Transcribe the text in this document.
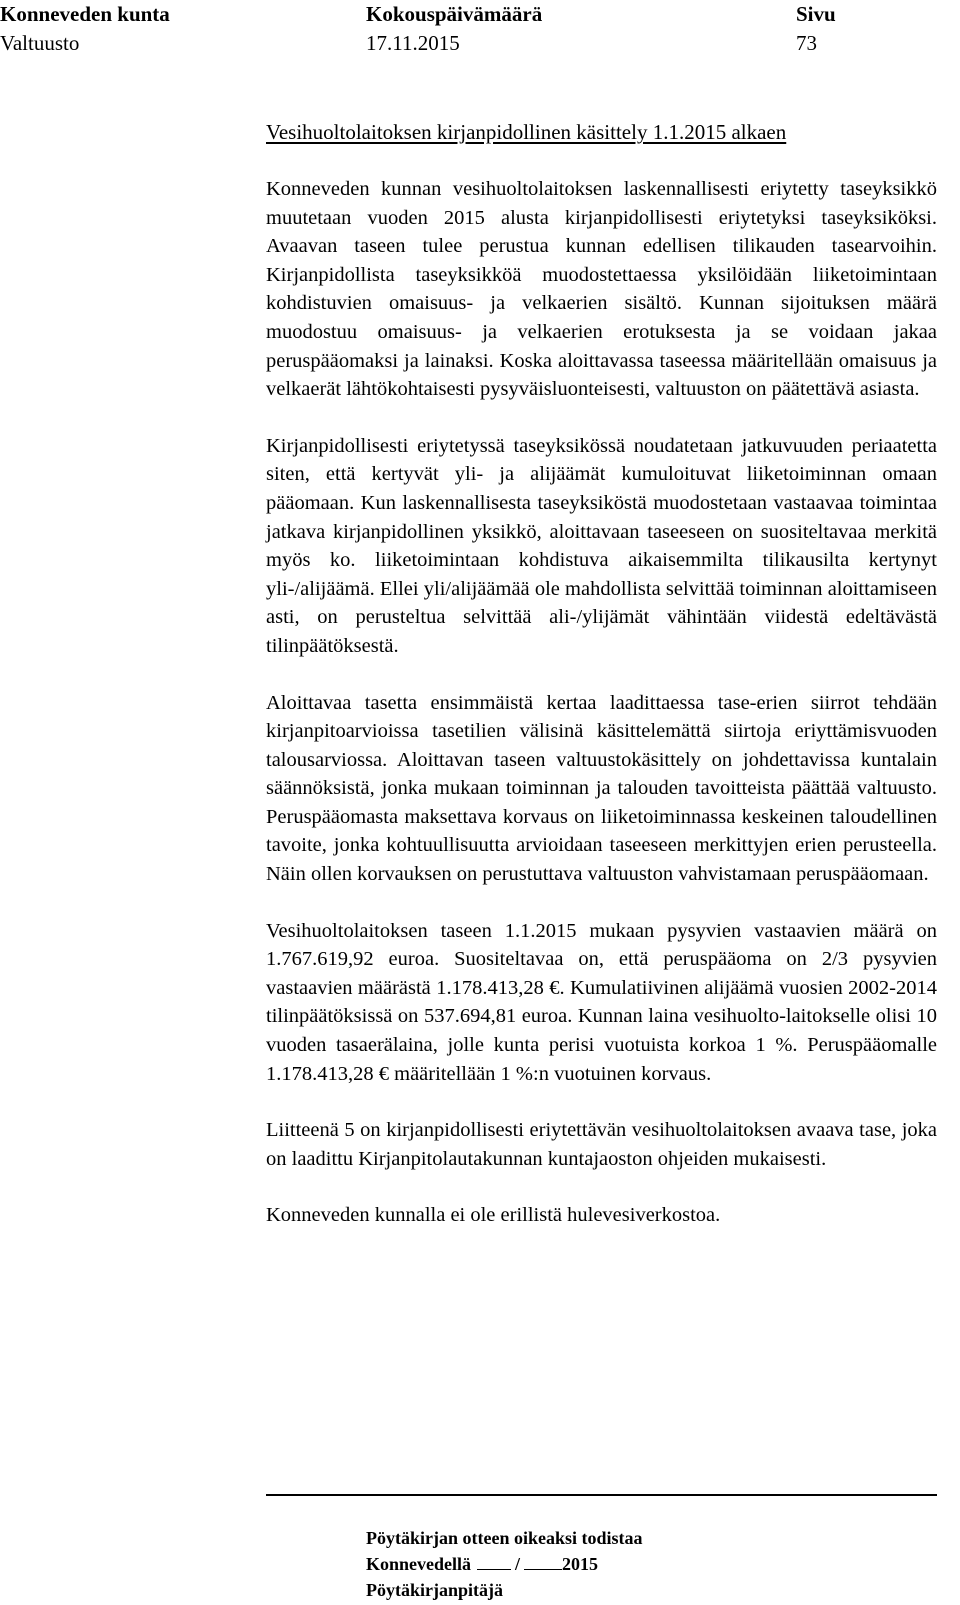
Konneveden kunta
Valtuusto
Kokouspäivämäärä
17.11.2015
Sivu
73
Vesihuoltolaitoksen kirjanpidollinen käsittely 1.1.2015 alkaen

Konneveden kunnan vesihuoltolaitoksen laskennallisesti eriytetty taseyksikkö muutetaan vuoden 2015 alusta kirjanpidollisesti eriytetyksi taseyksiköksi. Avaavan taseen tulee perustua kunnan edellisen tilikauden tasearvoihin. Kirjanpidollista taseyksikköä muodostettaessa yksilöidään liiketoimintaan kohdistuvien omaisuus- ja velkaerien sisältö. Kunnan sijoituksen määrä muodostuu omaisuus- ja velkaerien erotuksesta ja se voidaan jakaa peruspääomaksi ja lainaksi. Koska aloittavassa taseessa määritellään omaisuus ja velkaerät lähtökohtaisesti pysyväisluonteisesti, valtuuston on päätettävä asiasta.

Kirjanpidollisesti eriytetyssä taseyksikössä noudatetaan jatkuvuuden periaatetta siten, että kertyvät yli- ja alijäämät kumuloituvat liiketoiminnan omaan pääomaan. Kun laskennallisesta taseyksiköstä muodostetaan vastaavaa toimintaa jatkava kirjanpidollinen yksikkö, aloittavaan taseeseen on suositeltavaa merkitä myös ko. liiketoimintaan kohdistuva aikaisemmilta tilikausilta kertynyt yli-/alijäämä. Ellei yli/alijäämää ole mahdollista selvittää toiminnan aloittamiseen asti, on perusteltua selvittää ali-/ylijämät vähintään viidestä edeltävästä tilinpäätöksestä.

Aloittavaa tasetta ensimmäistä kertaa laadittaessa tase-erien siirrot tehdään kirjanpitoarvioissa tasetilien välisinä käsittelemättä siirtoja eriyttämisvuoden talousarviossa. Aloittavan taseen valtuustokäsittely on johdettavissa kuntalain säännöksistä, jonka mukaan toiminnan ja talouden tavoitteista päättää valtuusto. Peruspääomasta maksettava korvaus on liiketoiminnassa keskeinen taloudellinen tavoite, jonka kohtuullisuutta arvioidaan taseeseen merkittyjen erien perusteella. Näin ollen korvauksen on perustuttava valtuuston vahvistamaan peruspääomaan.

Vesihuoltolaitoksen taseen 1.1.2015 mukaan pysyvien vastaavien määrä on 1.767.619,92 euroa. Suositeltavaa on, että peruspääoma on 2/3 pysyvien vastaavien määrästä 1.178.413,28 €. Kumulatiivinen alijäämä vuosien 2002-2014 tilinpäätöksissä on 537.694,81 euroa. Kunnan laina vesihuolto-laitokselle olisi 10 vuoden tasaerälaina, jolle kunta perisi vuotuista korkoa 1 %. Peruspääomalle 1.178.413,28 € määritellään 1 %:n vuotuinen korvaus.

Liitteenä 5 on kirjanpidollisesti eriytettävän vesihuoltolaitoksen avaava tase, joka on laadittu Kirjanpitolautakunnan kuntajaoston ohjeiden mukaisesti.

Konneveden kunnalla ei ole erillistä hulevesiverkostoa.

Pöytäkirjan otteen oikeaksi todistaa
Konnevedellä / 2015
Pöytäkirjanpitäjä
